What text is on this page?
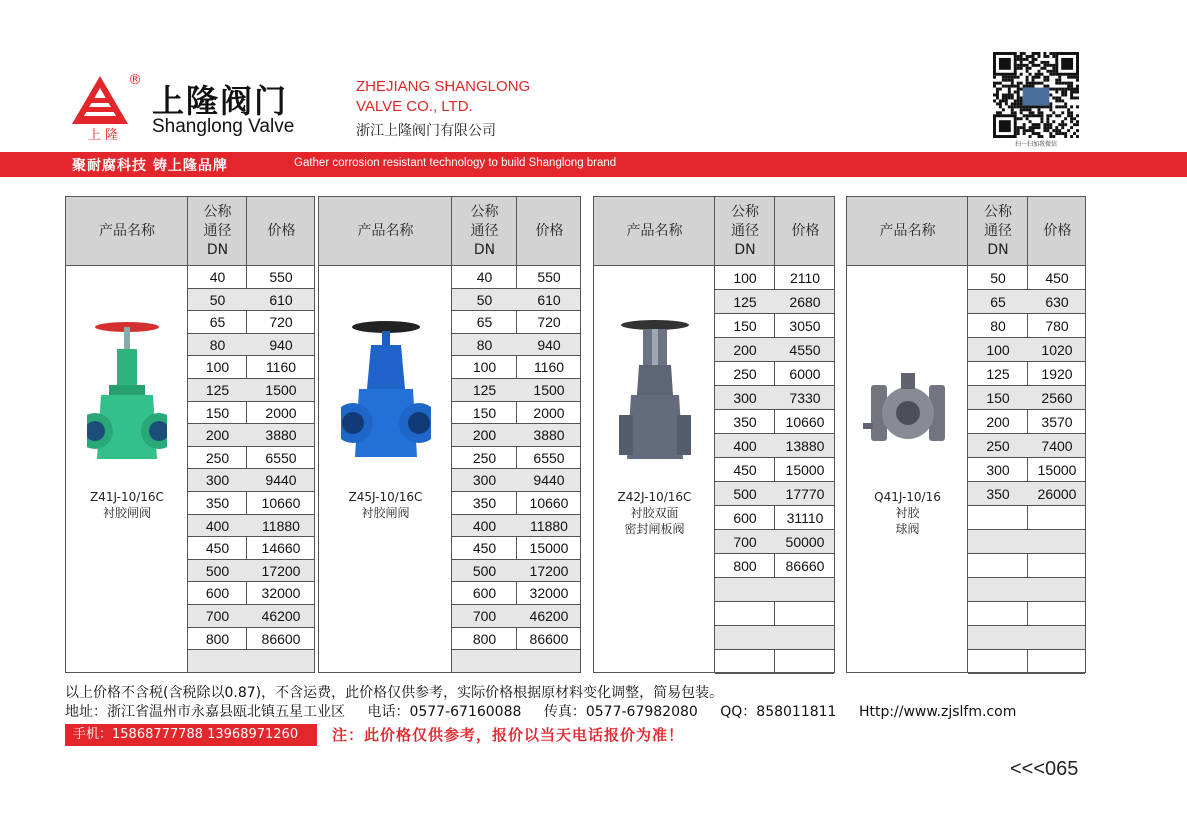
上 隆
®
上隆阀门
Shanglong Valve
ZHEJIANG SHANGLONG
VALVE CO., LTD.
浙江上隆阀门有限公司
扫一扫加我微信
聚耐腐科技 铸上隆品牌	Gather corrosion resistant technology to build Shanglong brand
产品名称
公称
通径
DN
价格
40	550
50	610
65	720
80	940
100	1160
125	1500
150	2000
200	3880
250	6550
300	9440
350	10660
400	11880
450	14660
500	17200
600	32000
700	46200
800	86600
Z41J-10/16C
衬胶闸阀
产品名称
公称
通径
DN
价格
40	550
50	610
65	720
80	940
100	1160
125	1500
150	2000
200	3880
250	6550
300	9440
350	10660
400	11880
450	15000
500	17200
600	32000
700	46200
800	86600
Z45J-10/16C
衬胶闸阀
产品名称
公称
通径
DN
价格
100	2110
125	2680
150	3050
200	4550
250	6000
300	7330
350	10660
400	13880
450	15000
500	17770
600	31110
700	50000
800	86660
Z42J-10/16C
衬胶双面
密封闸板阀
产品名称
公称
通径
DN
价格
50	450
65	630
80	780
100	1020
125	1920
150	2560
200	3570
250	7400
300	15000
350	26000
Q41J-10/16
衬胶
球阀
以上价格不含税(含税除以0.87)，不含运费，此价格仅供参考，实际价格根据原材料变化调整，简易包装。
地址：浙江省温州市永嘉县瓯北镇五星工业区 电话：0577-67160088 传真：0577-67982080 QQ：858011811 Http://www.zjslfm.com
手机：15868777788 13968971260	注：此价格仅供参考，报价以当天电话报价为准！
<<<065
